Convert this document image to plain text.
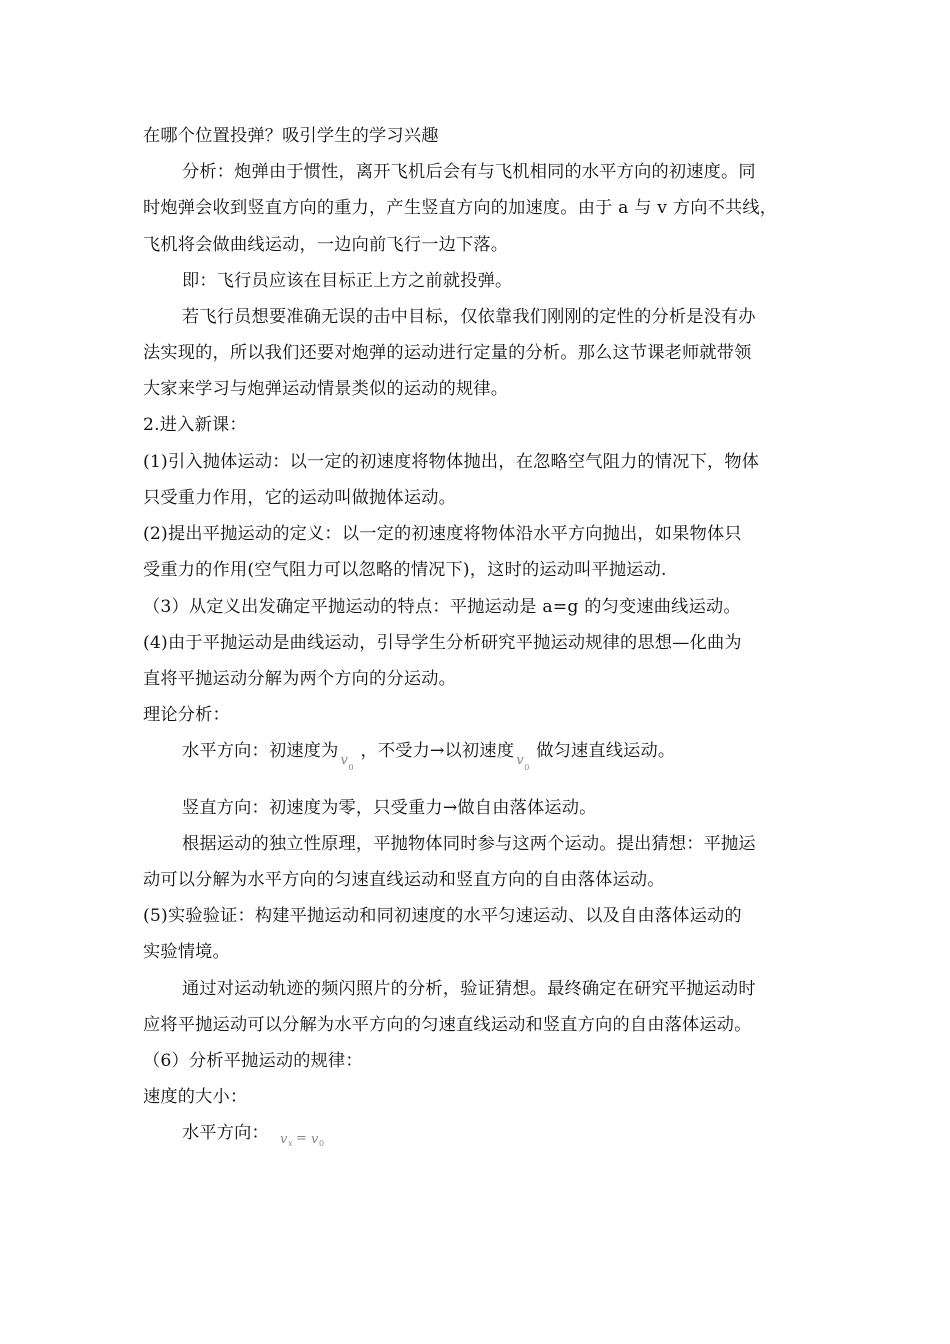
在哪个位置投弹？吸引学生的学习兴趣
分析：炮弹由于惯性，离开飞机后会有与飞机相同的水平方向的初速度。同
时炮弹会收到竖直方向的重力，产生竖直方向的加速度。由于 a 与 v 方向不共线，
飞机将会做曲线运动，一边向前飞行一边下落。
即：飞行员应该在目标正上方之前就投弹。
若飞行员想要准确无误的击中目标，仅依靠我们刚刚的定性的分析是没有办
法实现的，所以我们还要对炮弹的运动进行定量的分析。那么这节课老师就带领
大家来学习与炮弹运动情景类似的运动的规律。
2.进入新课：
(1)引入抛体运动：以一定的初速度将物体抛出，在忽略空气阻力的情况下，物体
只受重力作用，它的运动叫做抛体运动。
(2)提出平抛运动的定义：以一定的初速度将物体沿水平方向抛出，如果物体只
受重力的作用(空气阻力可以忽略的情况下)，这时的运动叫平抛运动.
（3）从定义出发确定平抛运动的特点：平抛运动是 a=g 的匀变速曲线运动。
(4)由于平抛运动是曲线运动，引导学生分析研究平抛运动规律的思想—化曲为
直将平抛运动分解为两个方向的分运动。
理论分析：
水平方向：初速度为 v 0
，不受力→以初速度 v 0
做匀速直线运动。
竖直方向：初速度为零，只受重力→做自由落体运动。
根据运动的独立性原理，平抛物体同时参与这两个运动。提出猜想：平抛运
动可以分解为水平方向的匀速直线运动和竖直方向的自由落体运动。
(5)实验验证：构建平抛运动和同初速度的水平匀速运动、以及自由落体运动的
实验情境。
通过对运动轨迹的频闪照片的分析，验证猜想。最终确定在研究平抛运动时
应将平抛运动可以分解为水平方向的匀速直线运动和竖直方向的自由落体运动。
（6）分析平抛运动的规律：
速度的大小：
水平方向： v x = v 0
